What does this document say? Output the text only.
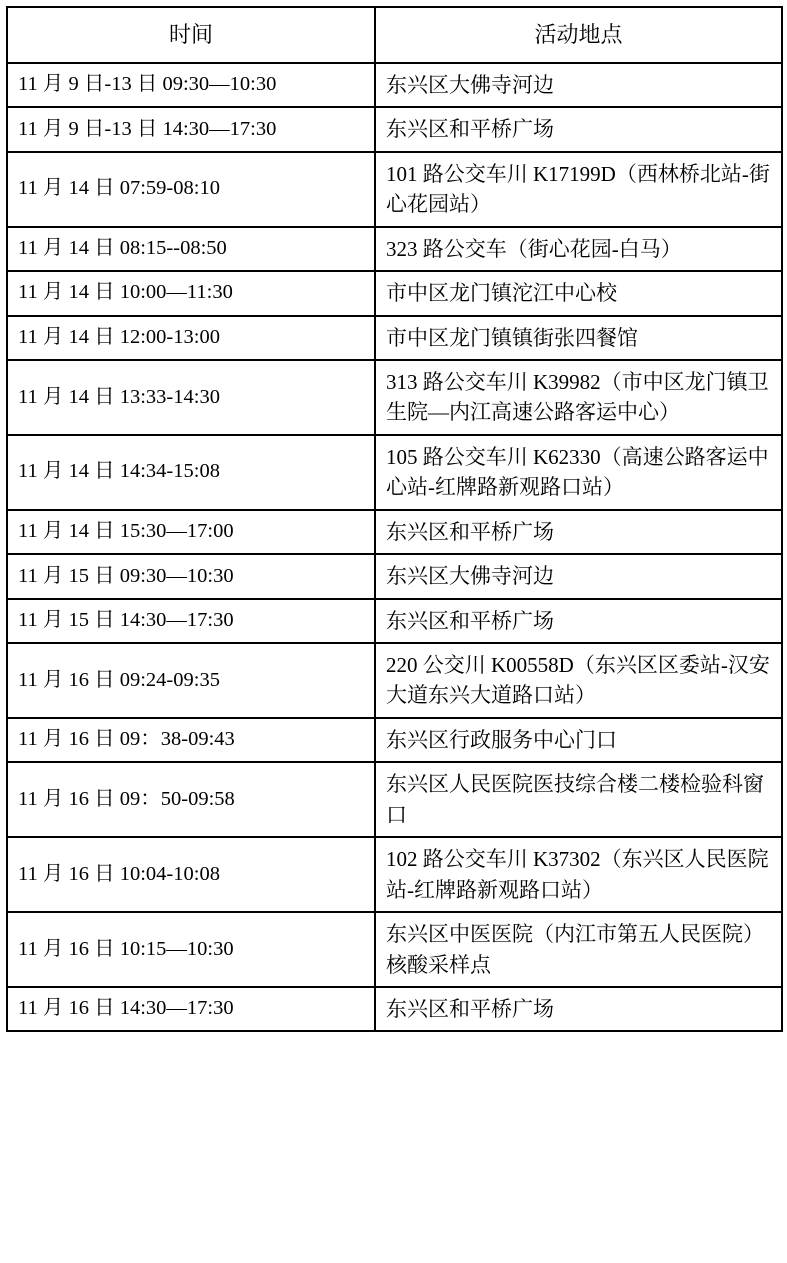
时间	活动地点
11 月 9 日-13 日 09:30—10:30	东兴区大佛寺河边
11 月 9 日-13 日 14:30—17:30	东兴区和平桥广场
11 月 14 日 07:59-08:10	101 路公交车川 K17199D（西林桥北站-街心花园站）
11 月 14 日 08:15--08:50	323 路公交车（街心花园-白马）
11 月 14 日 10:00—11:30	市中区龙门镇沱江中心校
11 月 14 日 12:00-13:00	市中区龙门镇镇街张四餐馆
11 月 14 日 13:33-14:30	313 路公交车川 K39982（市中区龙门镇卫生院—内江高速公路客运中心）
11 月 14 日 14:34-15:08	105 路公交车川 K62330（高速公路客运中心站-红牌路新观路口站）
11 月 14 日 15:30—17:00	东兴区和平桥广场
11 月 15 日 09:30—10:30	东兴区大佛寺河边
11 月 15 日 14:30—17:30	东兴区和平桥广场
11 月 16 日 09:24-09:35	220 公交川 K00558D（东兴区区委站-汉安大道东兴大道路口站）
11 月 16 日 09：38-09:43	东兴区行政服务中心门口
11 月 16 日 09：50-09:58	东兴区人民医院医技综合楼二楼检验科窗口
11 月 16 日 10:04-10:08	102 路公交车川 K37302（东兴区人民医院站-红牌路新观路口站）
11 月 16 日 10:15—10:30	东兴区中医医院（内江市第五人民医院）核酸采样点
11 月 16 日 14:30—17:30	东兴区和平桥广场
